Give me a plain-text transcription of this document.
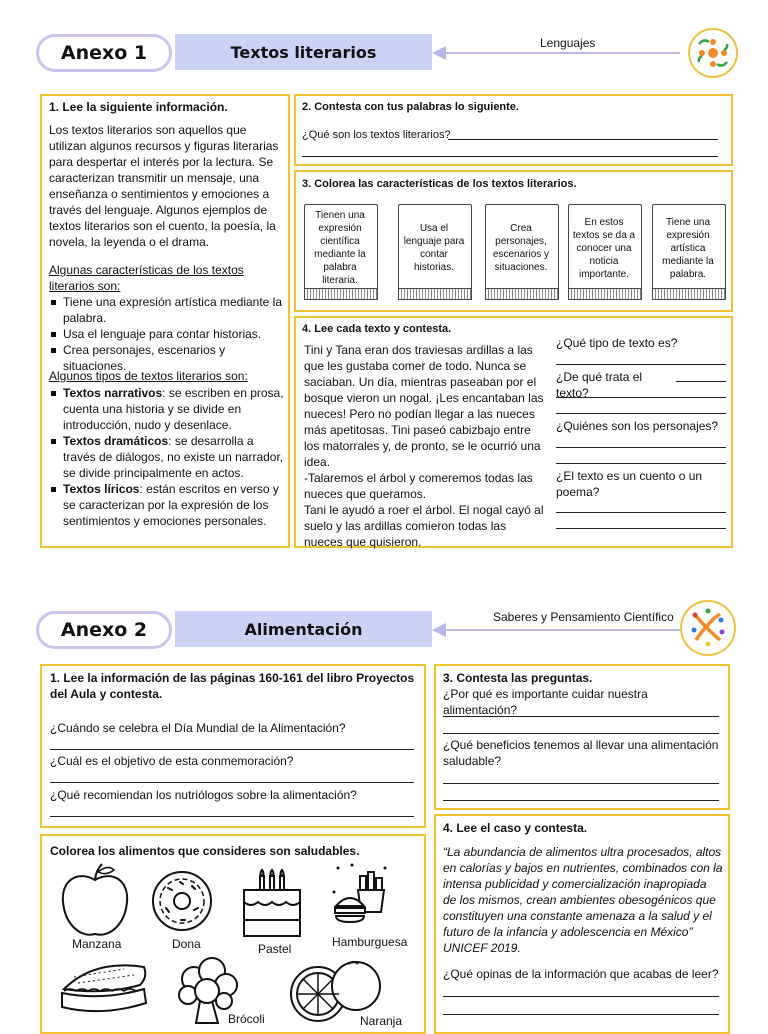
Textos literarios
Anexo 1	Lenguajes
1. Lee la siguiente información.
Los textos literarios son aquellos que utilizan algunos recursos y figuras literarias para despertar el interés por la lectura. Se caracterizan transmitir un mensaje, una enseñanza o sentimientos y emociones a través del lenguaje. Algunos ejemplos de textos literarios son el cuento, la poesía, la novela, la leyenda o el drama.
Algunas características de los textos literarios son:
Tiene una expresión artística mediante la palabra.
Usa el lenguaje para contar historias.
Crea personajes, escenarios y situaciones.
Algunos tipos de textos literarios son:
Textos narrativos: se escriben en prosa, cuenta una historia y se divide en introducción, nudo y desenlace.
Textos dramáticos: se desarrolla a través de diálogos, no existe un narrador, se divide principalmente en actos.
Textos líricos: están escritos en verso y se caracterizan por la expresión de los sentimientos y emociones personales.
2. Contesta con tus palabras lo siguiente.
¿Qué son los textos literarios?
3. Colorea las características de los textos literarios.
Tienen una expresión científica mediante la palabra literaria.
Usa el lenguaje para contar historias.
Crea personajes, escenarios y situaciones.
En estos textos se da a conocer una noticia importante.
Tiene una expresión artística mediante la palabra.
4. Lee cada texto y contesta.
Tini y Tana eran dos traviesas ardillas a las que les gustaba comer de todo. Nunca se saciaban. Un día, mientras paseaban por el bosque vieron un nogal. ¡Les encantaban las nueces! Pero no podían llegar a las nueces más apetitosas. Tini paseó cabizbajo entre los matorrales y, de pronto, se le ocurrió una idea.
-Talaremos el árbol y comeremos todas las nueces que queramos.
Tani le ayudó a roer el árbol. El nogal cayó al suelo y las ardillas comieron todas las nueces que quisieron.
¿Qué tipo de texto es?
¿De qué trata el texto?
¿Quiénes son los personajes?
¿El texto es un cuento o un poema?
Alimentación
Anexo 2
Saberes y Pensamiento Científico
1. Lee la información de las páginas 160-161 del libro Proyectos del Aula y contesta.
¿Cuándo se celebra el Día Mundial de la Alimentación?
¿Cuál es el objetivo de esta conmemoración?
¿Qué recomiendan los nutriólogos sobre la alimentación?
Colorea los alimentos que consideres son saludables.
Manzana	Dona	Pastel	Hamburguesa
Brócoli	Naranja
3. Contesta las preguntas.
¿Por qué es importante cuidar nuestra alimentación?
¿Qué beneficios tenemos al llevar una alimentación saludable?
4. Lee el caso y contesta.
“La abundancia de alimentos ultra procesados, altos en calorías y bajos en nutrientes, combinados con la intensa publicidad y comercialización inapropiada de los mismos, crean ambientes obesogénicos que constituyen una constante amenaza a la salud y el futuro de la infancia y adolescencia en México” UNICEF 2019.
¿Qué opinas de la información que acabas de leer?
